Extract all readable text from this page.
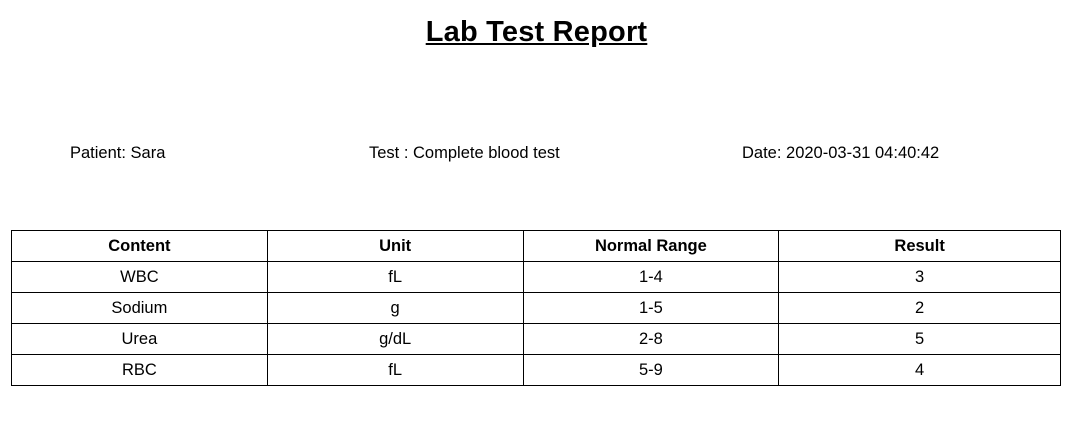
Lab Test Report
Patient: Sara	Test : Complete blood test	Date: 2020-03-31 04:40:42
Content	Unit	Normal Range	Result
WBC	fL	1-4	3
Sodium	g	1-5	2
Urea	g/dL	2-8	5
RBC	fL	5-9	4
